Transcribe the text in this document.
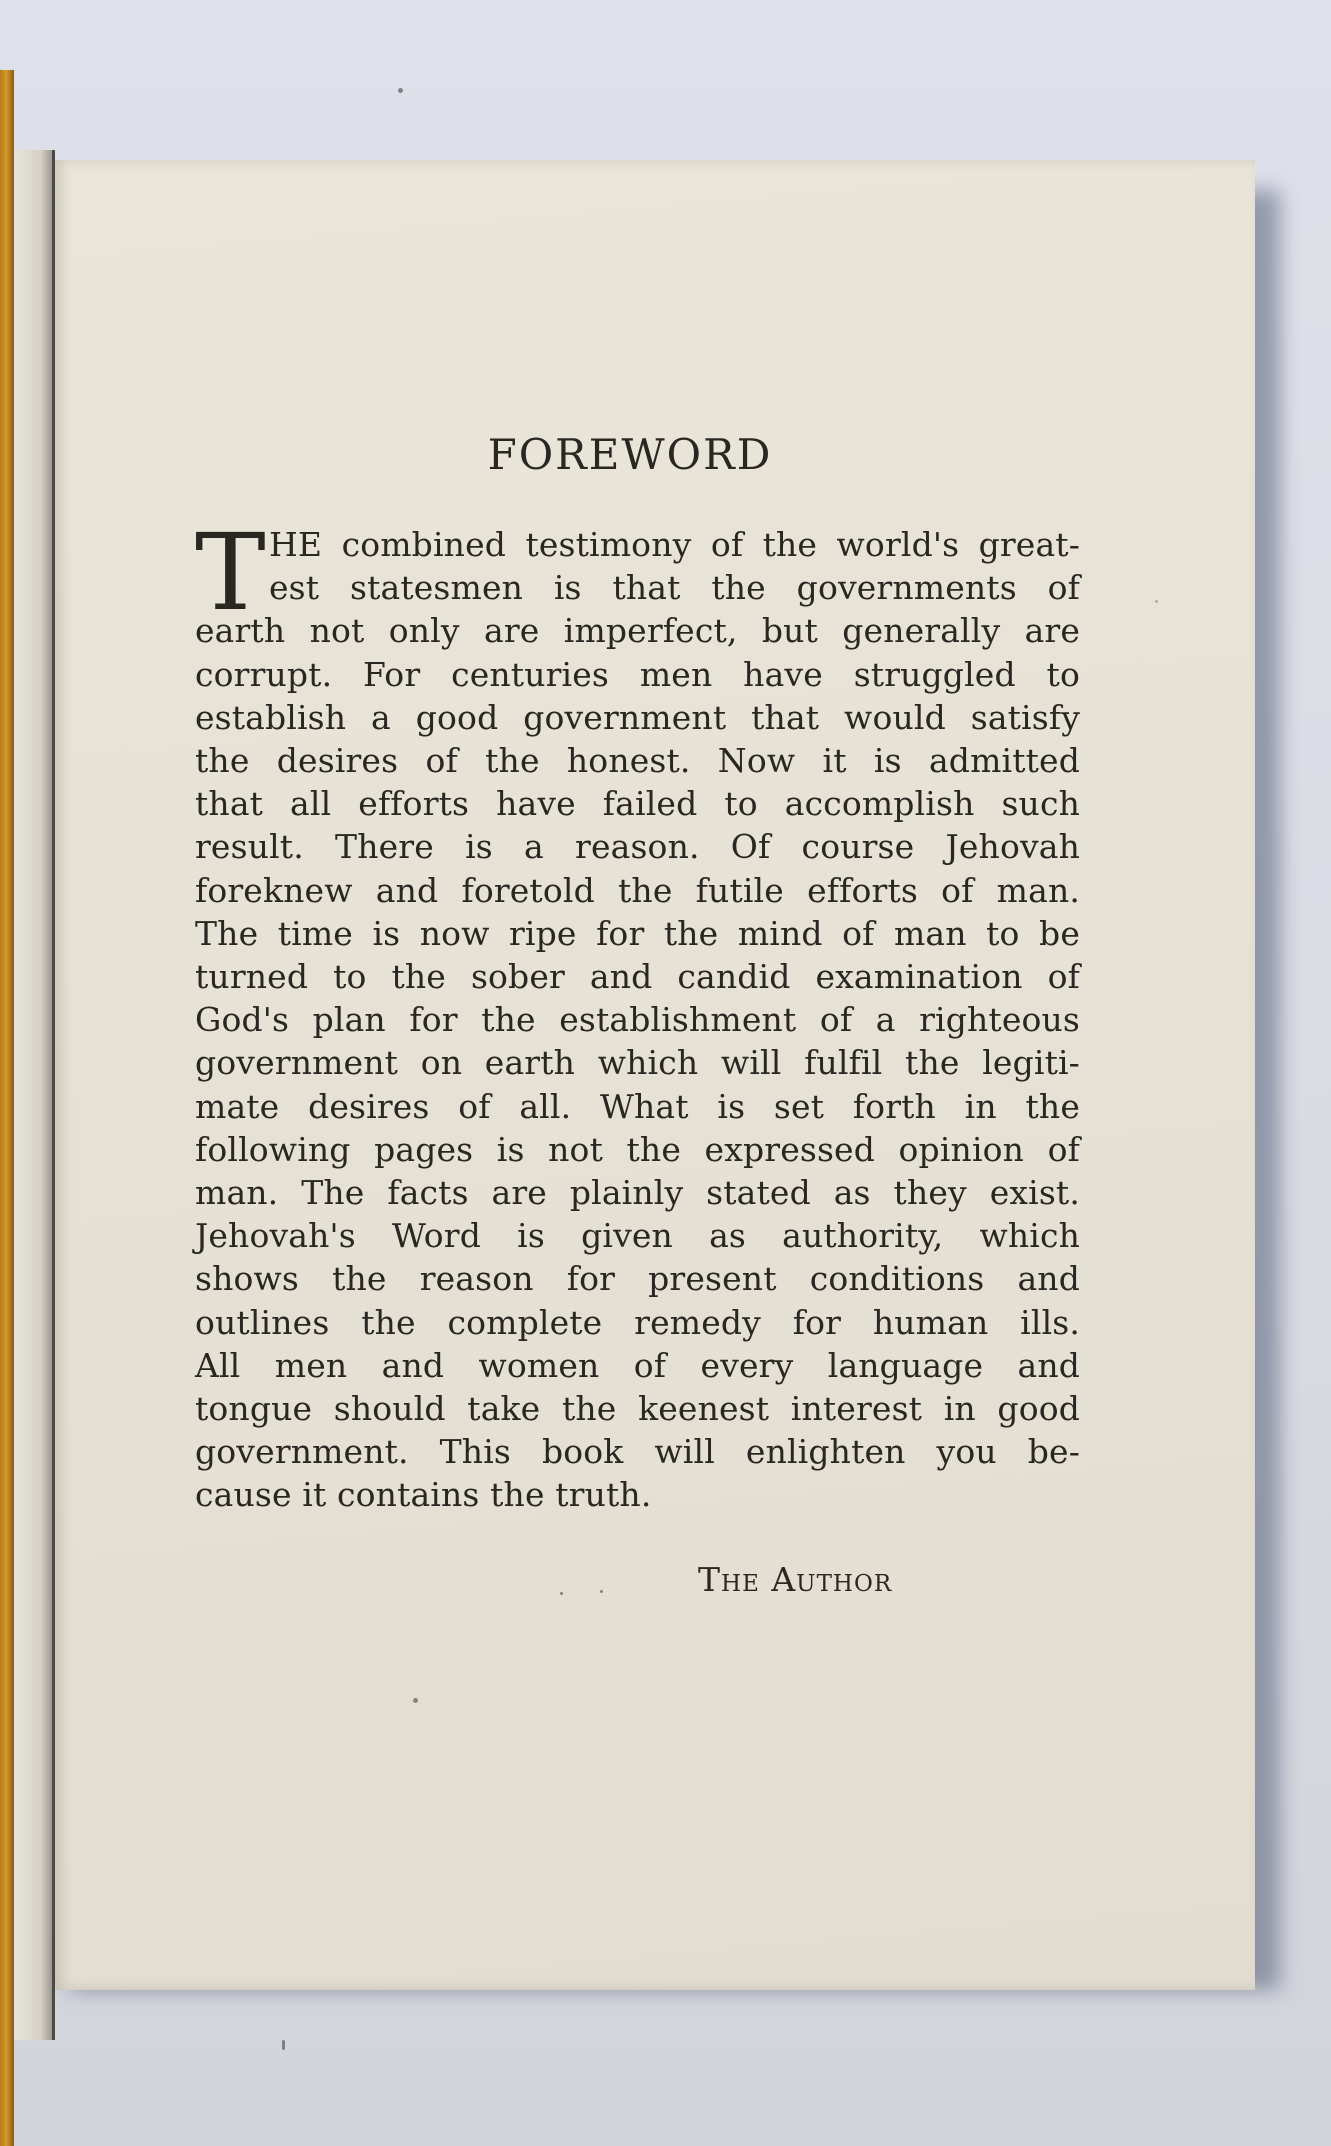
FOREWORD
T HE combined testimony of the world's great-
est statesmen is that the governments of
earth not only are imperfect, but generally are
corrupt. For centuries men have struggled to
establish a good government that would satisfy
the desires of the honest. Now it is admitted
that all efforts have failed to accomplish such
result. There is a reason. Of course Jehovah
foreknew and foretold the futile efforts of man.
The time is now ripe for the mind of man to be
turned to the sober and candid examination of
God's plan for the establishment of a righteous
government on earth which will fulfil the legiti-
mate desires of all. What is set forth in the
following pages is not the expressed opinion of
man. The facts are plainly stated as they exist.
Jehovah's Word is given as authority, which
shows the reason for present conditions and
outlines the complete remedy for human ills.
All men and women of every language and
tongue should take the keenest interest in good
government. This book will enlighten you be-
cause it contains the truth.
The Author
